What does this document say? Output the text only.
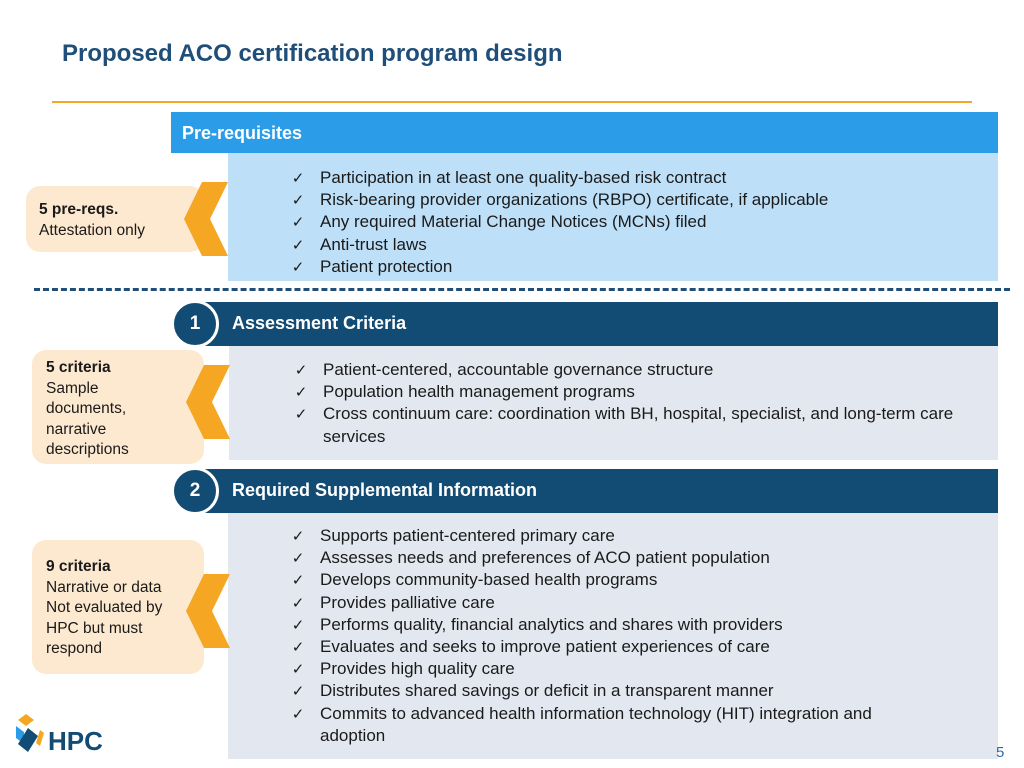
Proposed ACO certification program design
Pre-requisites
✓ Participation in at least one quality-based risk contract
✓ Risk-bearing provider organizations (RBPO) certificate, if applicable
✓ Any required Material Change Notices (MCNs) filed
✓ Anti-trust laws
✓ Patient protection
5 pre-reqs.
Attestation only
Assessment Criteria
1
✓ Patient-centered, accountable governance structure
✓ Population health management programs
✓ Cross continuum care: coordination with BH, hospital, specialist, and long-term care services
5 criteria
Sample
documents,
narrative
descriptions
Required Supplemental Information
2
✓ Supports patient-centered primary care
✓ Assesses needs and preferences of ACO patient population
✓ Develops community-based health programs
✓ Provides palliative care
✓ Performs quality, financial analytics and shares with providers
✓ Evaluates and seeks to improve patient experiences of care
✓ Provides high quality care
✓ Distributes shared savings or deficit in a transparent manner
✓ Commits to advanced health information technology (HIT) integration and adoption
9 criteria
Narrative or data
Not evaluated by
HPC but must
respond
HPC	5
